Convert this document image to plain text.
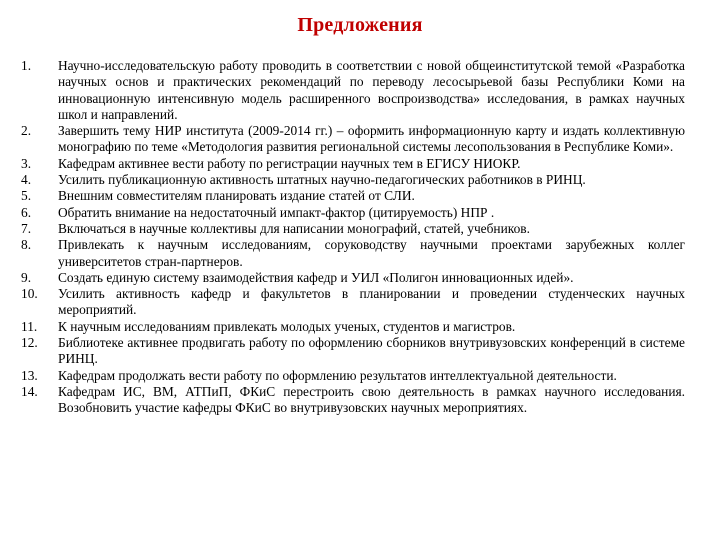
Предложения
1.	Научно-исследовательскую работу проводить в соответствии с новой общеинститутской темой «Разработка научных основ и практических рекомендаций по переводу лесосырьевой базы Республики Коми на инновационную интенсивную модель расширенного воспроизводства» исследования, в рамках научных школ и направлений.
2.	Завершить тему НИР института (2009-2014 гг.) – оформить информационную карту и издать коллективную монографию по теме «Методология развития региональной системы лесопользования в Республике Коми».
3.	Кафедрам активнее вести работу по регистрации научных тем в ЕГИСУ НИОКР.
4.	Усилить публикационную активность штатных научно-педагогических работников в РИНЦ.
5.	Внешним совместителям планировать издание статей от СЛИ.
6.	Обратить внимание на недостаточный импакт-фактор (цитируемость) НПР .
7.	Включаться в научные коллективы для написании монографий, статей, учебников.
8.	Привлекать к научным исследованиям, соруководству научными проектами зарубежных коллег университетов стран-партнеров.
9.	Создать единую систему взаимодействия кафедр и УИЛ «Полигон инновационных идей».
10.	Усилить активность кафедр и факультетов в планировании и проведении студенческих научных мероприятий.
11.	К научным исследованиям привлекать молодых ученых, студентов и магистров.
12.	Библиотеке активнее продвигать работу по оформлению сборников внутривузовских конференций в системе РИНЦ.
13.	Кафедрам продолжать вести работу по оформлению результатов интеллектуальной деятельности.
14.	Кафедрам ИС, ВМ, АТПиП, ФКиС перестроить свою деятельность в рамках научного исследования. Возобновить участие кафедры ФКиС во внутривузовских научных мероприятиях.
